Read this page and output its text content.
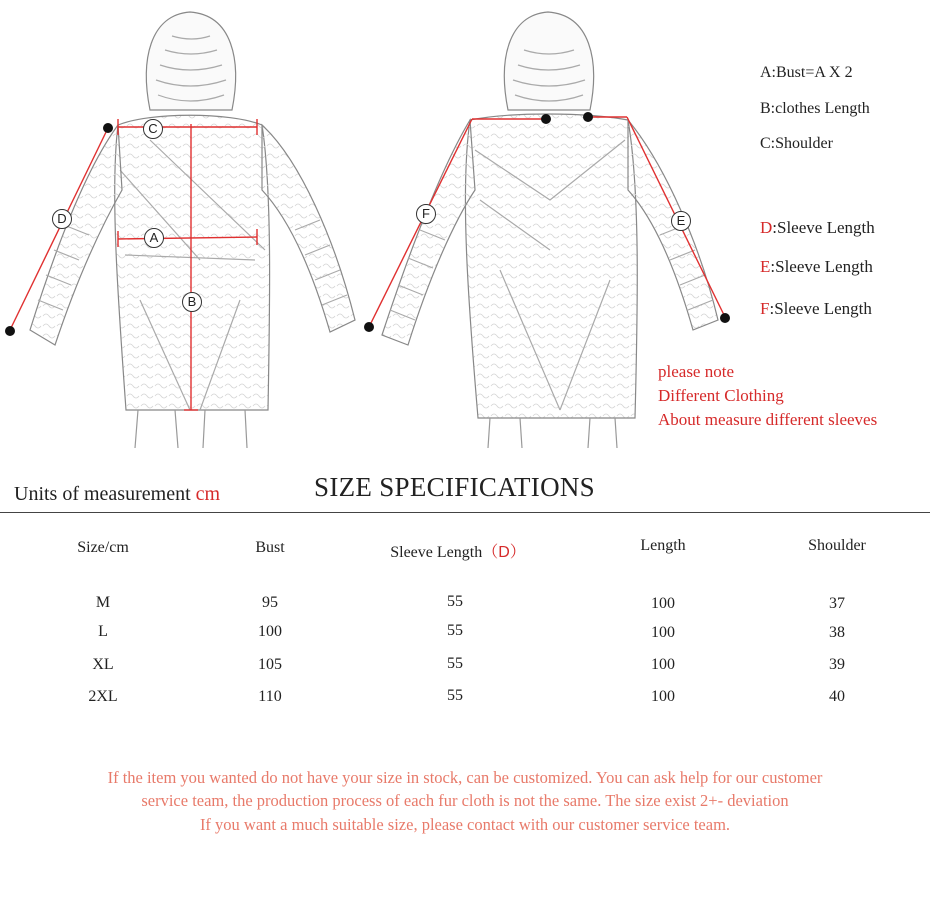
C
A
B
D	F	E
A:Bust=A X 2
B:clothes Length
C:Shoulder
D:Sleeve Length
E:Sleeve Length
F:Sleeve Length
please note
Different Clothing
About measure different sleeves
Units of measurement cm	SIZE SPECIFICATIONS
Size/cm	Bust	Sleeve Length（D）	Length	Shoulder
M	95	55	100	37
L	100	55	100	38
XL	105	55	100	39
2XL	110	55	100	40
If the item you wanted do not have your size in stock, can be customized. You can ask help for our customer
service team, the production process of each fur cloth is not the same. The size exist 2+- deviation
If you want a much suitable size, please contact with our customer service team.
